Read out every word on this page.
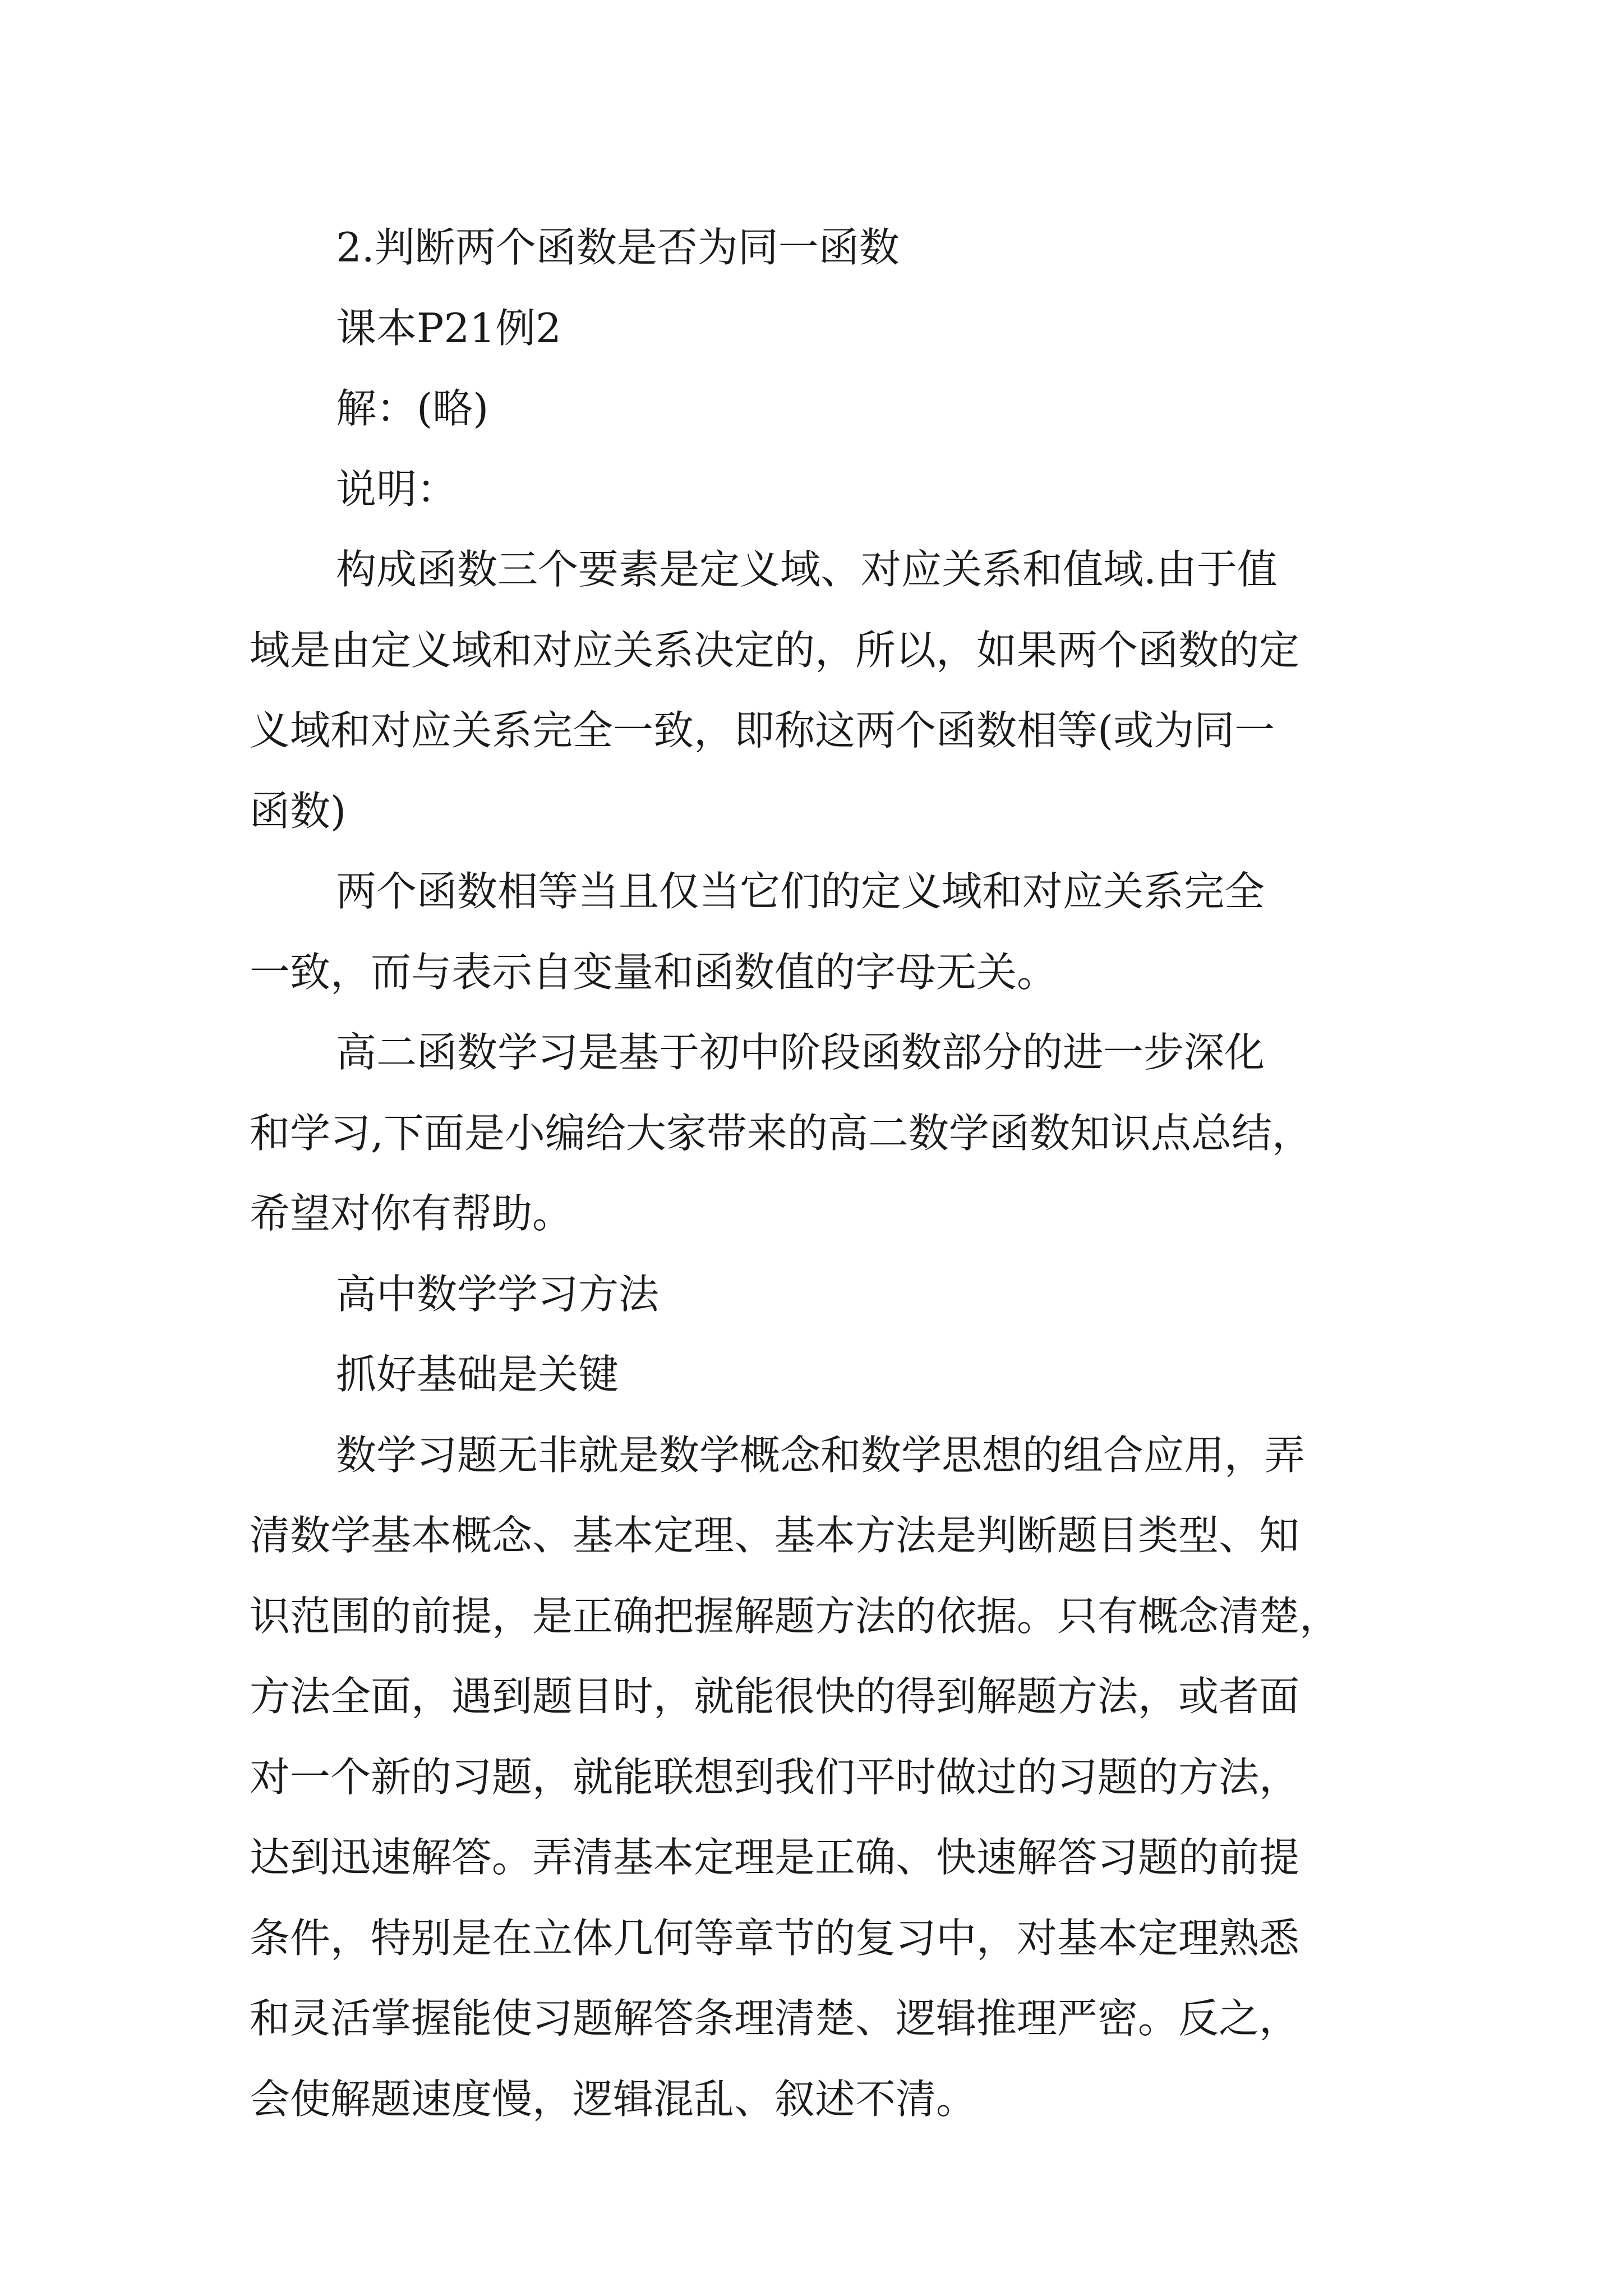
2.判断两个函数是否为同一函数
课本P21例2
解：(略)
说明：
构成函数三个要素是定义域、对应关系和值域.由于值
域是由定义域和对应关系决定的，所以，如果两个函数的定
义域和对应关系完全一致，即称这两个函数相等(或为同一
函数)
两个函数相等当且仅当它们的定义域和对应关系完全
一致，而与表示自变量和函数值的字母无关。
高二函数学习是基于初中阶段函数部分的进一步深化
和学习,下面是小编给大家带来的高二数学函数知识点总结，
希望对你有帮助。
高中数学学习方法
抓好基础是关键
数学习题无非就是数学概念和数学思想的组合应用，弄
清数学基本概念、基本定理、基本方法是判断题目类型、知
识范围的前提，是正确把握解题方法的依据。只有概念清楚，
方法全面，遇到题目时，就能很快的得到解题方法，或者面
对一个新的习题，就能联想到我们平时做过的习题的方法，
达到迅速解答。弄清基本定理是正确、快速解答习题的前提
条件，特别是在立体几何等章节的复习中，对基本定理熟悉
和灵活掌握能使习题解答条理清楚、逻辑推理严密。反之，
会使解题速度慢，逻辑混乱、叙述不清。
